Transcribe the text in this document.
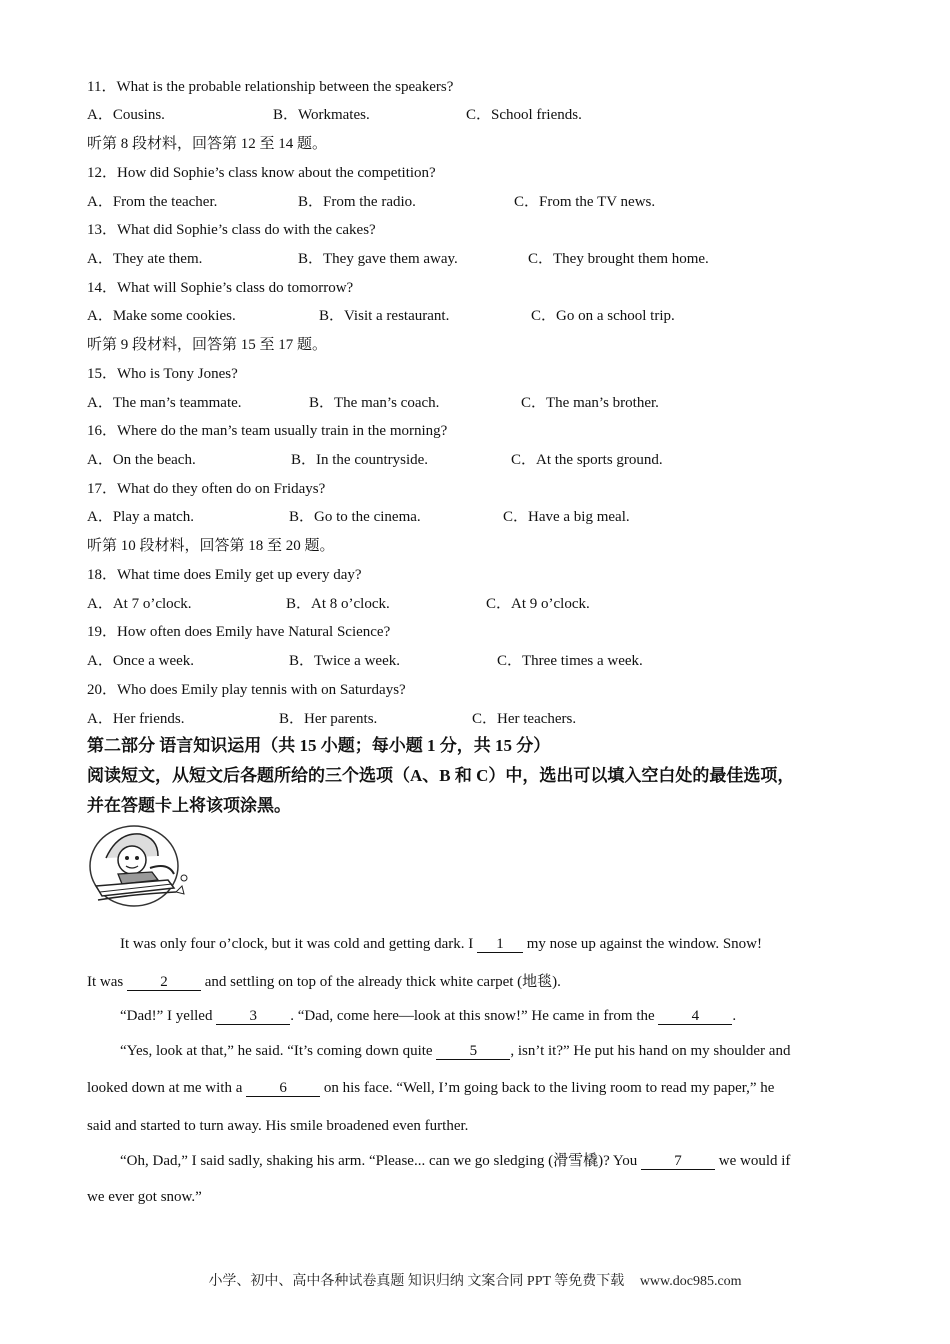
11．What is the probable relationship between the speakers?
A．Cousins.	B．Workmates.	C．School friends.
听第 8 段材料，回答第 12 至 14 题。
12．How did Sophie’s class know about the competition?
A．From the teacher.	B．From the radio.	C．From the TV news.
13．What did Sophie’s class do with the cakes?
A．They ate them.	B．They gave them away.	C．They brought them home.
14．What will Sophie’s class do tomorrow?
A．Make some cookies.	B．Visit a restaurant.	C．Go on a school trip.
听第 9 段材料，回答第 15 至 17 题。
15．Who is Tony Jones?
A．The man’s teammate.	B．The man’s coach.	C．The man’s brother.
16．Where do the man’s team usually train in the morning?
A．On the beach.	B．In the countryside.	C．At the sports ground.
17．What do they often do on Fridays?
A．Play a match.	B．Go to the cinema.	C．Have a big meal.
听第 10 段材料，回答第 18 至 20 题。
18．What time does Emily get up every day?
A．At 7 o’clock.	B．At 8 o’clock.	C．At 9 o’clock.
19．How often does Emily have Natural Science?
A．Once a week.	B．Twice a week.	C．Three times a week.
20．Who does Emily play tennis with on Saturdays?
A．Her friends.	B．Her parents.	C．Her teachers.
第二部分 语言知识运用（共 15 小题；每小题 1 分，共 15 分）
阅读短文，从短文后各题所给的三个选项（A、B 和 C）中，选出可以填入空白处的最佳选项，
并在答题卡上将该项涂黑。
It was only four o’clock, but it was cold and getting dark. I 1 my nose up against the window. Snow!
It was 2 and settling on top of the already thick white carpet (地毯).
“Dad!” I yelled 3 . “Dad, come here—look at this snow!” He came in from the 4 .
“Yes, look at that,” he said. “It’s coming down quite 5 , isn’t it?” He put his hand on my shoulder and
looked down at me with a 6 on his face. “Well, I’m going back to the living room to read my paper,” he
said and started to turn away. His smile broadened even further.
“Oh, Dad,” I said sadly, shaking his arm. “Please... can we go sledging (滑雪橇)? You 7 we would if
we ever got snow.”
小学、初中、高中各种试卷真题 知识归纳 文案合同 PPT 等免费下载 www.doc985.com
